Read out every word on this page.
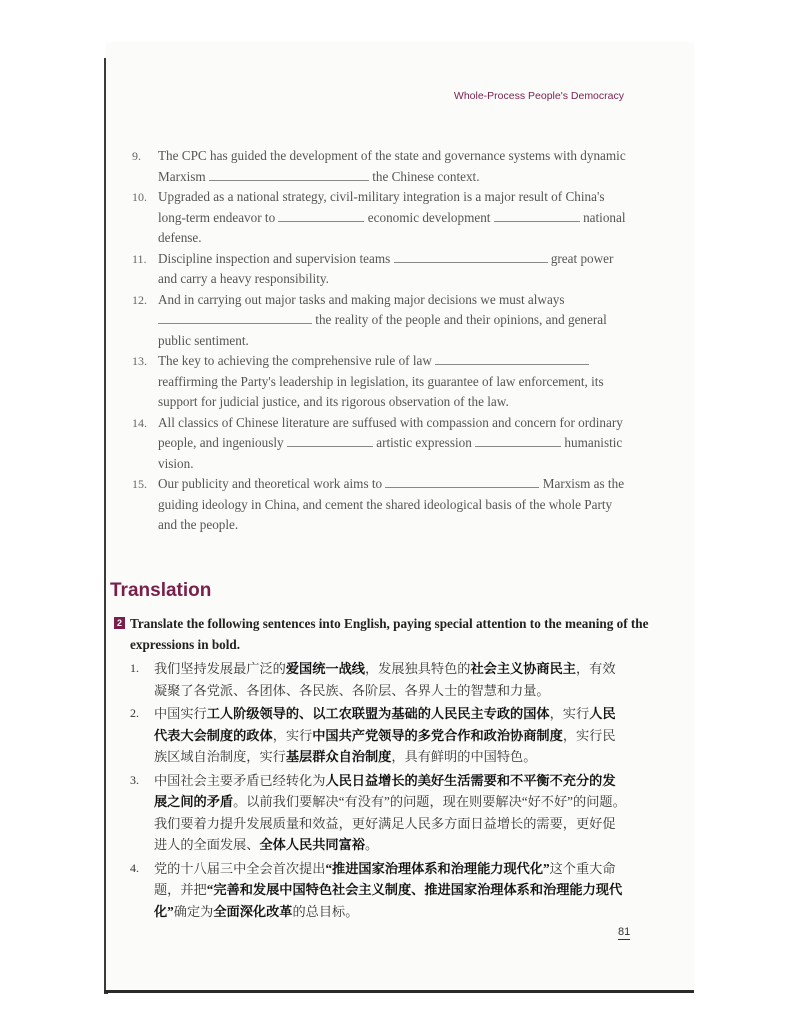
Whole-Process People's Democracy
9. The CPC has guided the development of the state and governance systems with dynamic Marxism	the Chinese context.
10. Upgraded as a national strategy, civil-military integration is a major result of China's long-term endeavor to	economic development	national defense.
11. Discipline inspection and supervision teams	great power and carry a heavy responsibility.
12. And in carrying out major tasks and making major decisions we must always  the reality of the people and their opinions, and general public sentiment.
13. The key to achieving the comprehensive rule of law  reaffirming the Party's leadership in legislation, its guarantee of law enforcement, its support for judicial justice, and its rigorous observation of the law.
14. All classics of Chinese literature are suffused with compassion and concern for ordinary people, and ingeniously	artistic expression	humanistic vision.
15. Our publicity and theoretical work aims to	Marxism as the guiding ideology in China, and cement the shared ideological basis of the whole Party and the people.
Translation
2 Translate the following sentences into English, paying special attention to the meaning of the expressions in bold.
1. 我们坚持发展最广泛的爱国统一战线，发展独具特色的社会主义协商民主，有效凝聚了各党派、各团体、各民族、各阶层、各界人士的智慧和力量。
2. 中国实行工人阶级领导的、以工农联盟为基础的人民民主专政的国体，实行人民代表大会制度的政体，实行中国共产党领导的多党合作和政治协商制度，实行民族区域自治制度，实行基层群众自治制度，具有鲜明的中国特色。
3. 中国社会主要矛盾已经转化为人民日益增长的美好生活需要和不平衡不充分的发展之间的矛盾。以前我们要解决“有没有”的问题，现在则要解决“好不好”的问题。我们要着力提升发展质量和效益，更好满足人民多方面日益增长的需要，更好促进人的全面发展、全体人民共同富裕。
4. 党的十八届三中全会首次提出“推进国家治理体系和治理能力现代化”这个重大命题，并把“完善和发展中国特色社会主义制度、推进国家治理体系和治理能力现代化”确定为全面深化改革的总目标。
81
